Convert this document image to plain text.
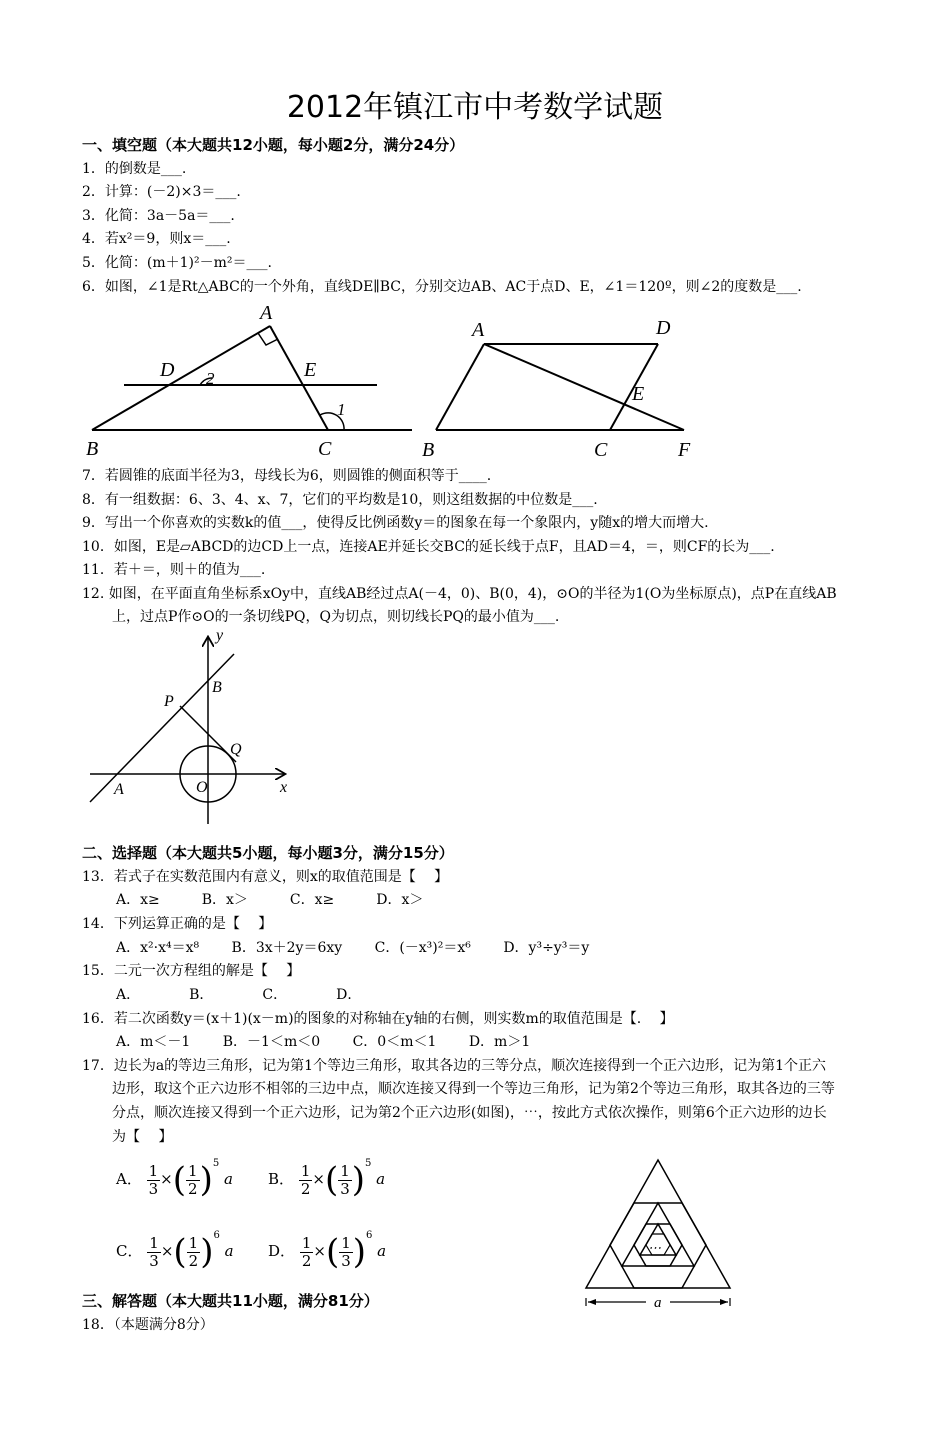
2012年镇江市中考数学试题
一、填空题（本大题共12小题，每小题2分，满分24分）
1．的倒数是___.
2．计算：(－2)×3＝___.
3．化简：3a－5a＝___.
4．若x²＝9，则x＝___.
5．化简：(m＋1)²－m²＝___.
6．如图，∠1是Rt△ABC的一个外角，直线DE∥BC，分别交边AB、AC于点D、E，∠1＝120º，则∠2的度数是___.
A
D 2	E
1
B	C
A	D
E
B	C	F
7．若圆锥的底面半径为3，母线长为6，则圆锥的侧面积等于____.
8．有一组数据：6、3、4、x、7，它们的平均数是10，则这组数据的中位数是___.
9．写出一个你喜欢的实数k的值___，使得反比例函数y＝的图象在每一个象限内，y随x的增大而增大.
10．如图，E是▱ABCD的边CD上一点，连接AE并延长交BC的延长线于点F，且AD＝4，＝，则CF的长为___.
11．若＋＝，则＋的值为___.
12. 如图，在平面直角坐标系xOy中，直线AB经过点A(－4，0)、B(0，4)，⊙O的半径为1(O为坐标原点)，点P在直线AB
上，过点P作⊙O的一条切线PQ，Q为切点，则切线长PQ的最小值为___.
y
B
P
Q
O
A	x
二、选择题（本大题共5小题，每小题3分，满分15分）
13．若式子在实数范围内有意义，则x的取值范围是【　 】
A．x≥　　　B．x＞　　　C．x≥　　　D．x＞
14．下列运算正确的是【　 】
A．x²·x⁴＝x⁸　　 B．3x＋2y＝6xy　　 C．(－x³)²＝x⁶　　 D．y³÷y³＝y
15．二元一次方程组的解是【　 】
A．　　　　B．　　　　C．　　　　D．
16．若二次函数y＝(x＋1)(x－m)的图象的对称轴在y轴的右侧，则实数m的取值范围是【.　 】
A．m＜－1　　 B．－1＜m＜0　　 C．0＜m＜1　　 D．m＞1
17．边长为a的等边三角形，记为第1个等边三角形，取其各边的三等分点，顺次连接得到一个正六边形，记为第1个正六
边形，取这个正六边形不相邻的三边中点，顺次连接又得到一个等边三角形，记为第2个等边三角形，取其各边的三等
分点，顺次连接又得到一个正六边形，记为第2个正六边形(如图)，⋯，按此方式依次操作，则第6个正六边形的边长
为【　 】
A． $\frac{1}{3}$ ×( $\frac{1}{2} )^5$ a B． $\frac{1}{2}$ ×( $\frac{1}{3} )^5$ a
C． $\frac{1}{3}$ ×( $\frac{1}{2} )^6$ a D． $\frac{1}{2}$ ×( $\frac{1}{3} )^6$ a	⋯
a
三、解答题（本大题共11小题，满分81分）
18．（本题满分8分）
